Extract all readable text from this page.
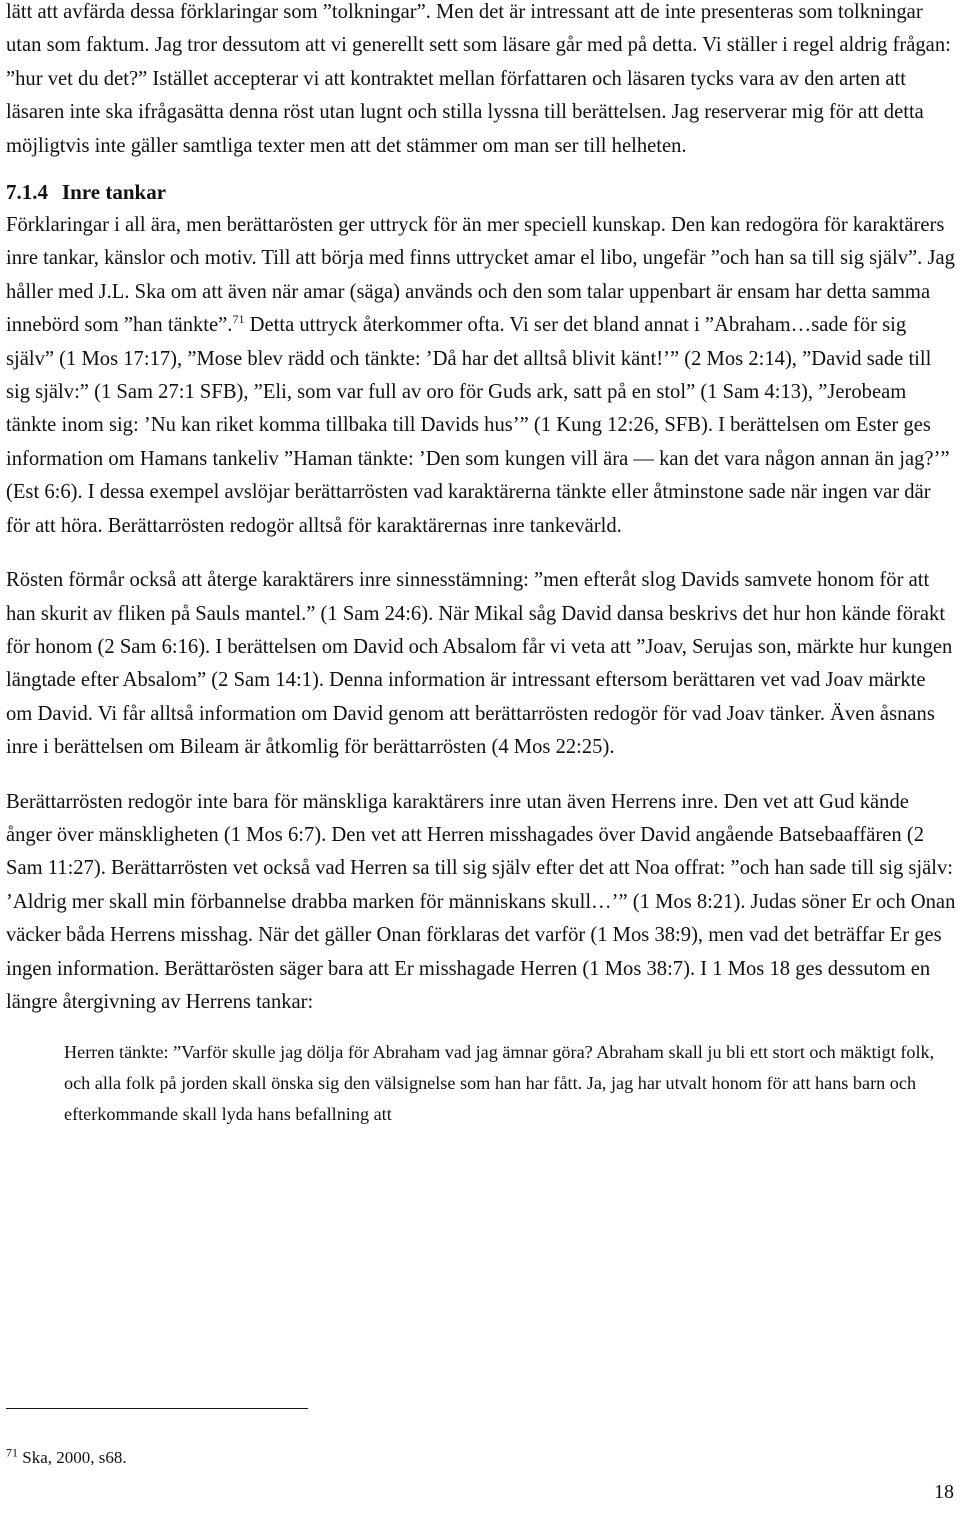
lätt att avfärda dessa förklaringar som ”tolkningar”. Men det är intressant att de inte presenteras som tolkningar utan som faktum. Jag tror dessutom att vi generellt sett som läsare går med på detta. Vi ställer i regel aldrig frågan: ”hur vet du det?” Istället accepterar vi att kontraktet mellan författaren och läsaren tycks vara av den arten att läsaren inte ska ifrågasätta denna röst utan lugnt och stilla lyssna till berättelsen. Jag reserverar mig för att detta möjligtvis inte gäller samtliga texter men att det stämmer om man ser till helheten.

7.1.4 Inre tankar

Förklaringar i all ära, men berättarösten ger uttryck för än mer speciell kunskap. Den kan redogöra för karaktärers inre tankar, känslor och motiv. Till att börja med finns uttrycket amar el libo, ungefär ”och han sa till sig själv”. Jag håller med J.L. Ska om att även när amar (säga) används och den som talar uppenbart är ensam har detta samma innebörd som ”han tänkte”.$^{71}$ Detta uttryck återkommer ofta. Vi ser det bland annat i ”Abraham…sade för sig själv” (1 Mos 17:17), ”Mose blev rädd och tänkte: ’Då har det alltså blivit känt!’” (2 Mos 2:14), ”David sade till sig själv:” (1 Sam 27:1 SFB), ”Eli, som var full av oro för Guds ark, satt på en stol” (1 Sam 4:13), ”Jerobeam tänkte inom sig: ’Nu kan riket komma tillbaka till Davids hus’” (1 Kung 12:26, SFB). I berättelsen om Ester ges information om Hamans tankeliv ”Haman tänkte: ’Den som kungen vill ära — kan det vara någon annan än jag?’” (Est 6:6). I dessa exempel avslöjar berättarrösten vad karaktärerna tänkte eller åtminstone sade när ingen var där för att höra. Berättarrösten redogör alltså för karaktärernas inre tankevärld.

Rösten förmår också att återge karaktärers inre sinnesstämning: ”men efteråt slog Davids samvete honom för att han skurit av fliken på Sauls mantel.” (1 Sam 24:6). När Mikal såg David dansa beskrivs det hur hon kände förakt för honom (2 Sam 6:16). I berättelsen om David och Absalom får vi veta att ”Joav, Serujas son, märkte hur kungen längtade efter Absalom” (2 Sam 14:1). Denna information är intressant eftersom berättaren vet vad Joav märkte om David. Vi får alltså information om David genom att berättarrösten redogör för vad Joav tänker. Även åsnans inre i berättelsen om Bileam är åtkomlig för berättarrösten (4 Mos 22:25).

Berättarrösten redogör inte bara för mänskliga karaktärers inre utan även Herrens inre. Den vet att Gud kände ånger över mänskligheten (1 Mos 6:7). Den vet att Herren misshagades över David angående Batsebaaffären (2 Sam 11:27). Berättarrösten vet också vad Herren sa till sig själv efter det att Noa offrat: ”och han sade till sig själv: ’Aldrig mer skall min förbannelse drabba marken för människans skull…’” (1 Mos 8:21). Judas söner Er och Onan väcker båda Herrens misshag. När det gäller Onan förklaras det varför (1 Mos 38:9), men vad det beträffar Er ges ingen information. Berättarösten säger bara att Er misshagade Herren (1 Mos 38:7). I 1 Mos 18 ges dessutom en längre återgivning av Herrens tankar:

Herren tänkte: ”Varför skulle jag dölja för Abraham vad jag ämnar göra? Abraham skall ju bli ett stort och mäktigt folk, och alla folk på jorden skall önska sig den välsignelse som han har fått. Ja, jag har utvalt honom för att hans barn och efterkommande skall lyda hans befallning att

$^{71}$ Ska, 2000, s68.
18
